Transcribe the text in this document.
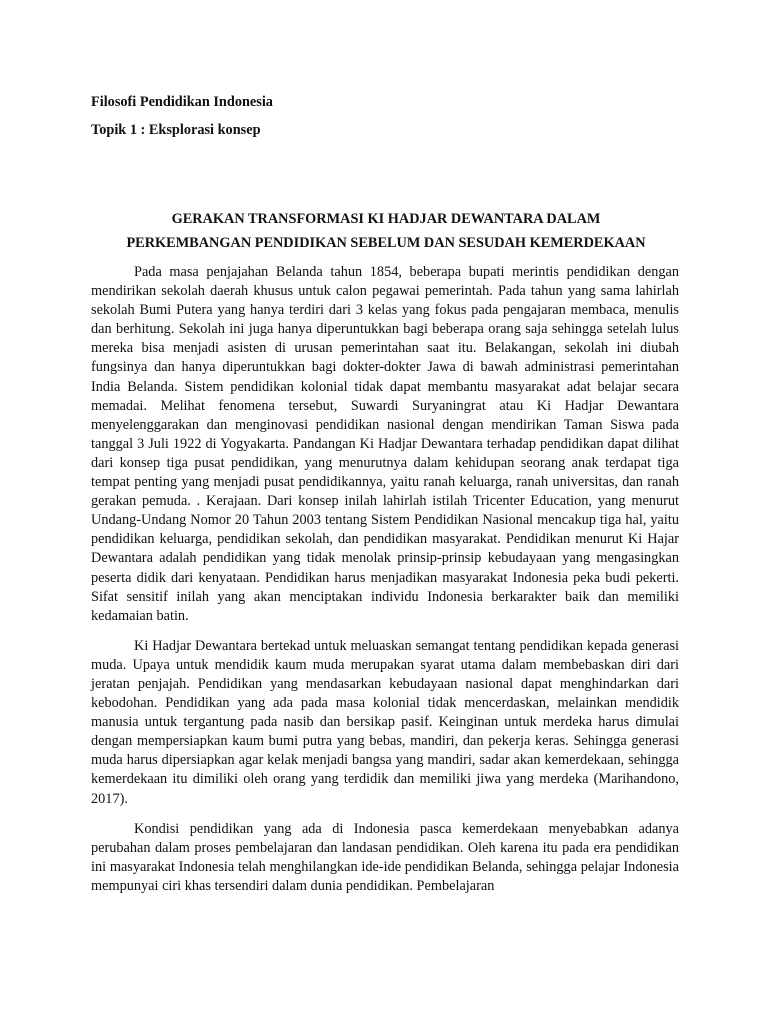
Filosofi Pendidikan Indonesia

Topik 1 : Eksplorasi konsep

GERAKAN TRANSFORMASI KI HADJAR DEWANTARA DALAM

PERKEMBANGAN PENDIDIKAN SEBELUM DAN SESUDAH KEMERDEKAAN

Pada masa penjajahan Belanda tahun 1854, beberapa bupati merintis pendidikan dengan mendirikan sekolah daerah khusus untuk calon pegawai pemerintah. Pada tahun yang sama lahirlah sekolah Bumi Putera yang hanya terdiri dari 3 kelas yang fokus pada pengajaran membaca, menulis dan berhitung. Sekolah ini juga hanya diperuntukkan bagi beberapa orang saja sehingga setelah lulus mereka bisa menjadi asisten di urusan pemerintahan saat itu. Belakangan, sekolah ini diubah fungsinya dan hanya diperuntukkan bagi dokter-dokter Jawa di bawah administrasi pemerintahan India Belanda. Sistem pendidikan kolonial tidak dapat membantu masyarakat adat belajar secara memadai. Melihat fenomena tersebut, Suwardi Suryaningrat atau Ki Hadjar Dewantara menyelenggarakan dan menginovasi pendidikan nasional dengan mendirikan Taman Siswa pada tanggal 3 Juli 1922 di Yogyakarta. Pandangan Ki Hadjar Dewantara terhadap pendidikan dapat dilihat dari konsep tiga pusat pendidikan, yang menurutnya dalam kehidupan seorang anak terdapat tiga tempat penting yang menjadi pusat pendidikannya, yaitu ranah keluarga, ranah universitas, dan ranah gerakan pemuda. . Kerajaan. Dari konsep inilah lahirlah istilah Tricenter Education, yang menurut Undang-Undang Nomor 20 Tahun 2003 tentang Sistem Pendidikan Nasional mencakup tiga hal, yaitu pendidikan keluarga, pendidikan sekolah, dan pendidikan masyarakat. Pendidikan menurut Ki Hajar Dewantara adalah pendidikan yang tidak menolak prinsip-prinsip kebudayaan yang mengasingkan peserta didik dari kenyataan. Pendidikan harus menjadikan masyarakat Indonesia peka budi pekerti. Sifat sensitif inilah yang akan menciptakan individu Indonesia berkarakter baik dan memiliki kedamaian batin.

Ki Hadjar Dewantara bertekad untuk meluaskan semangat tentang pendidikan kepada generasi muda. Upaya untuk mendidik kaum muda merupakan syarat utama dalam membebaskan diri dari jeratan penjajah. Pendidikan yang mendasarkan kebudayaan nasional dapat menghindarkan dari kebodohan. Pendidikan yang ada pada masa kolonial tidak mencerdaskan, melainkan mendidik manusia untuk tergantung pada nasib dan bersikap pasif. Keinginan untuk merdeka harus dimulai dengan mempersiapkan kaum bumi putra yang bebas, mandiri, dan pekerja keras. Sehingga generasi muda harus dipersiapkan agar kelak menjadi bangsa yang mandiri, sadar akan kemerdekaan, sehingga kemerdekaan itu dimiliki oleh orang yang terdidik dan memiliki jiwa yang merdeka (Marihandono, 2017).

Kondisi pendidikan yang ada di Indonesia pasca kemerdekaan menyebabkan adanya perubahan dalam proses pembelajaran dan landasan pendidikan. Oleh karena itu pada era pendidikan ini masyarakat Indonesia telah menghilangkan ide-ide pendidikan Belanda, sehingga pelajar Indonesia mempunyai ciri khas tersendiri dalam dunia pendidikan. Pembelajaran
